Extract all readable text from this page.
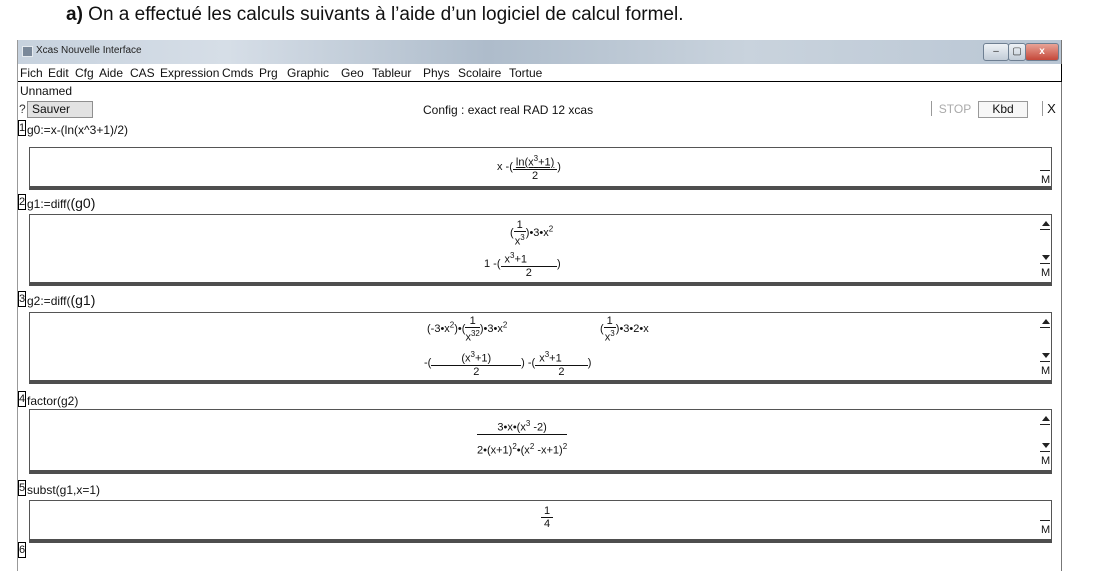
a) On a effectué les calculs suivants à l’aide d’un logiciel de calcul formel.
Xcas Nouvelle Interface	–	▢	x
Fich Edit Cfg Aide CAS Expression Cmds Prg Graphic Geo Tableur Phys Scolaire Tortue
Unnamed
? Sauver	Config : exact real RAD 12 xcas	STOP	Kbd	X
1 g0:=x-(ln(x^3+1)/2)
x -( $\frac{\ln(x^3+1)}{2}$ )
M
2 g1:=diff((g0)
( $\frac{1}{x^3}$ )$•3•x^2$
1 -( $\frac{x^3+1}{2}$ )
M
3 g2:=diff((g1)
$(-3•x^2)•( \frac{1}{x^{32}}$ )$•3•x^2$	( $\frac{1}{x^3}$ )•3•2•x
-( $\frac{(x^3+1)}{2}$ ) -( $\frac{x^3+1}{2}$ )
M
4 factor(g2)
$\frac{3•x•(x^3 -2)}{2•(x+1)^2•(x^2 -x+1)^2}$
M
5 subst(g1,x=1)
$\frac{1}{4}$	M
6
